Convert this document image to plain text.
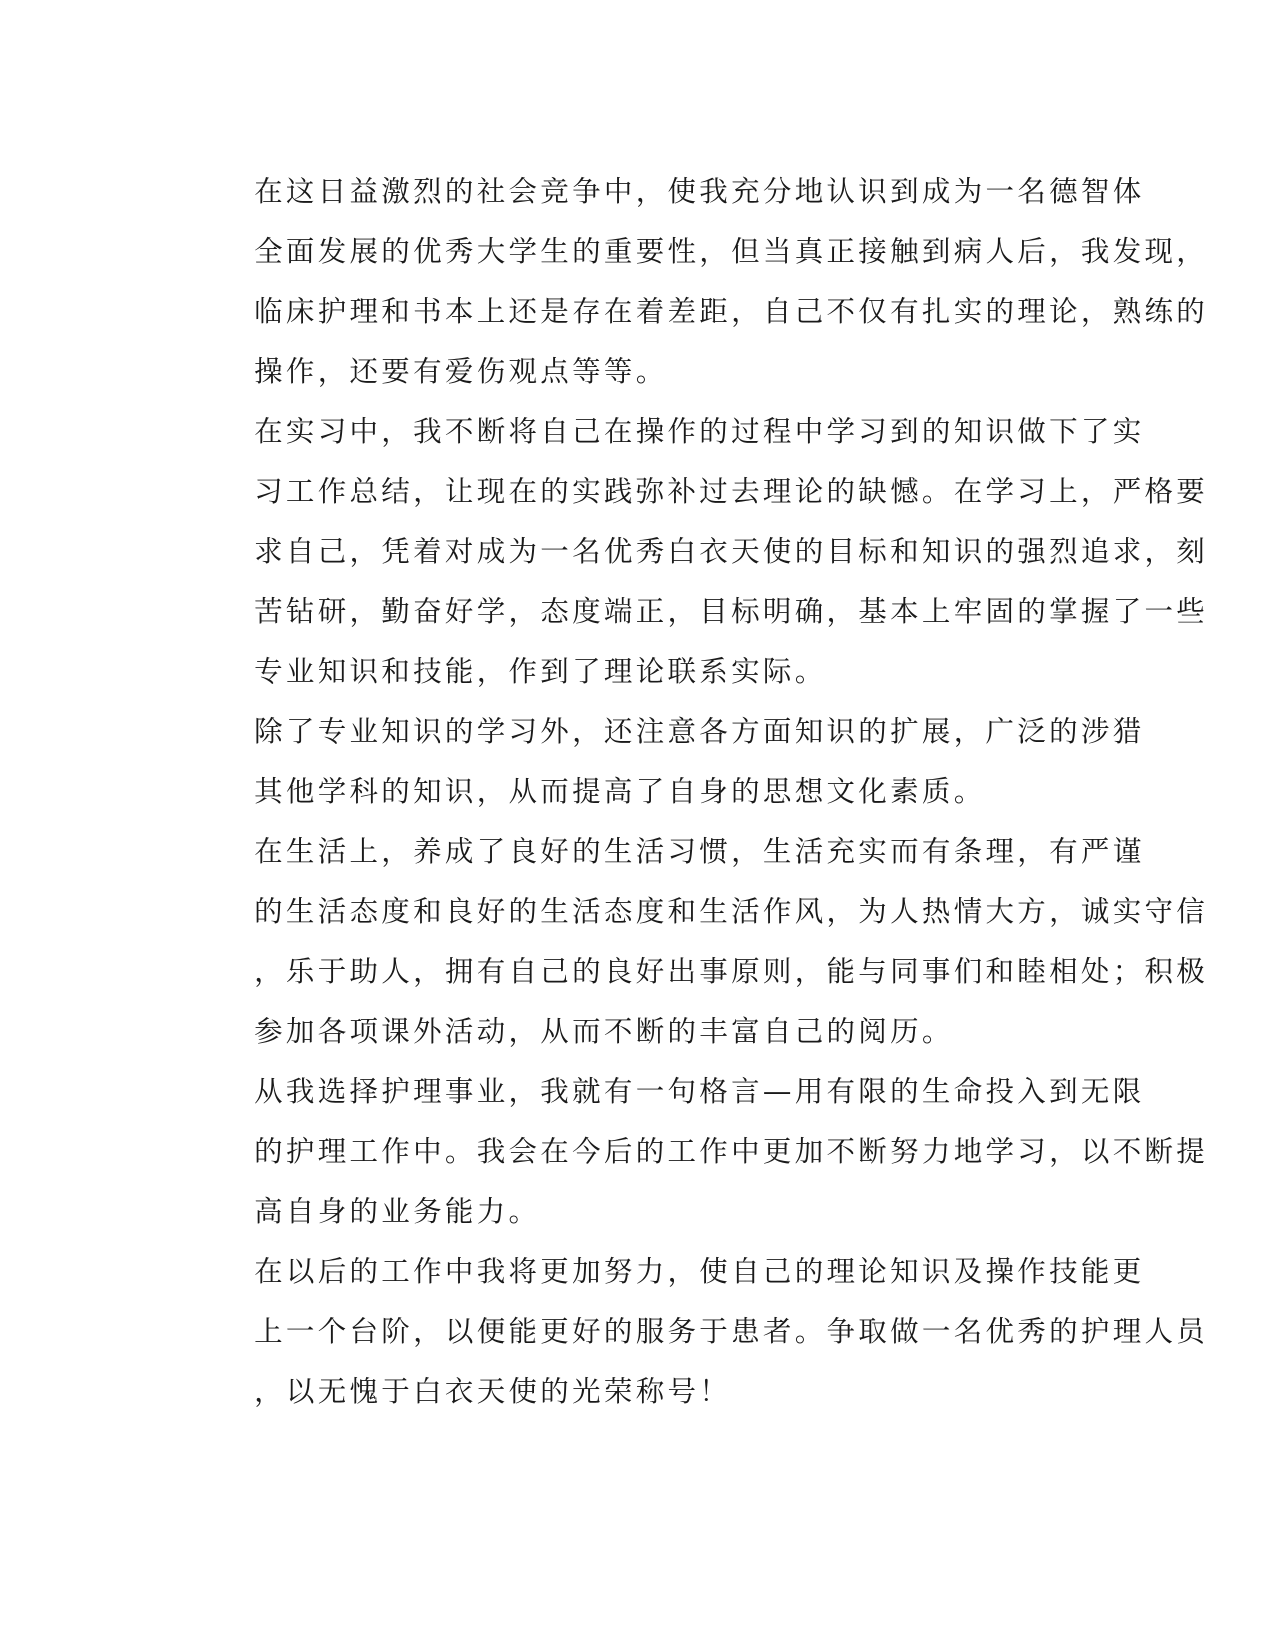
在这日益激烈的社会竞争中，使我充分地认识到成为一名德智体
全面发展的优秀大学生的重要性，但当真正接触到病人后，我发现，
临床护理和书本上还是存在着差距，自己不仅有扎实的理论，熟练的
操作，还要有爱伤观点等等。

在实习中，我不断将自己在操作的过程中学习到的知识做下了实
习工作总结，让现在的实践弥补过去理论的缺憾。在学习上，严格要
求自己，凭着对成为一名优秀白衣天使的目标和知识的强烈追求，刻
苦钻研，勤奋好学，态度端正，目标明确，基本上牢固的掌握了一些
专业知识和技能，作到了理论联系实际。

除了专业知识的学习外，还注意各方面知识的扩展，广泛的涉猎
其他学科的知识，从而提高了自身的思想文化素质。

在生活上，养成了良好的生活习惯，生活充实而有条理，有严谨
的生活态度和良好的生活态度和生活作风，为人热情大方，诚实守信
，乐于助人，拥有自己的良好出事原则，能与同事们和睦相处；积极
参加各项课外活动，从而不断的丰富自己的阅历。

从我选择护理事业，我就有一句格言—用有限的生命投入到无限
的护理工作中。我会在今后的工作中更加不断努力地学习，以不断提
高自身的业务能力。

在以后的工作中我将更加努力，使自己的理论知识及操作技能更
上一个台阶，以便能更好的服务于患者。争取做一名优秀的护理人员
，以无愧于白衣天使的光荣称号！
